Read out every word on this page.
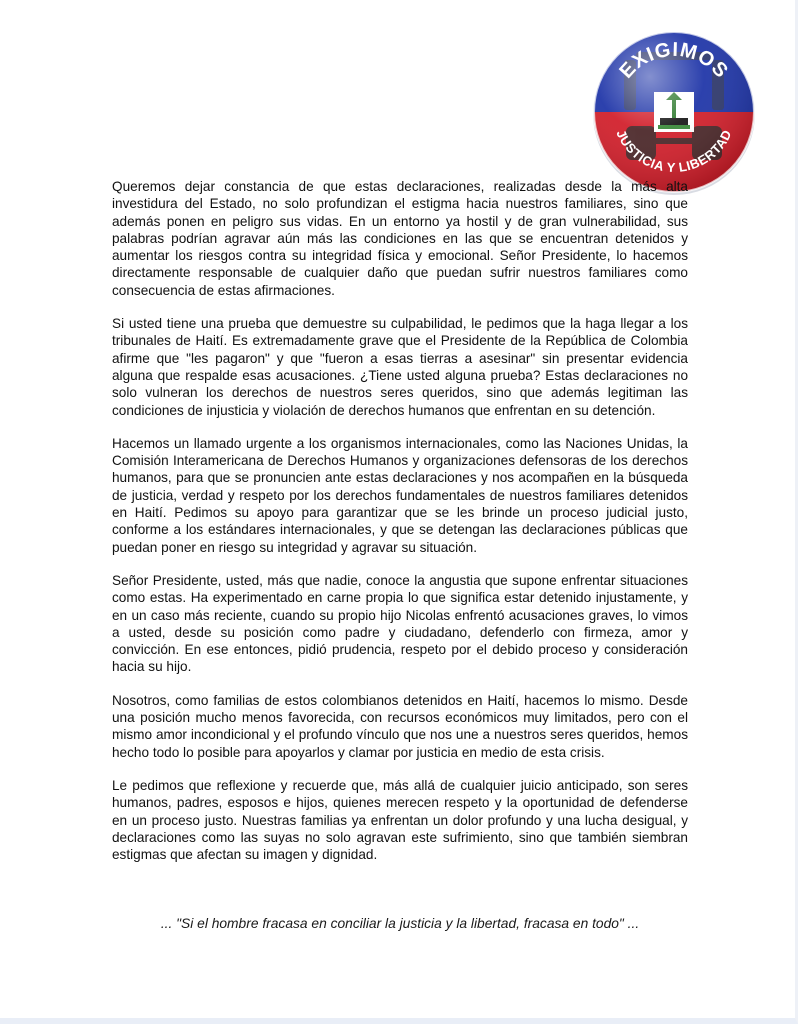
EXIGIMOS
JUSTICIA Y LIBERTAD

Queremos dejar constancia de que estas declaraciones, realizadas desde la más alta investidura del Estado, no solo profundizan el estigma hacia nuestros familiares, sino que además ponen en peligro sus vidas. En un entorno ya hostil y de gran vulnerabilidad, sus palabras podrían agravar aún más las condiciones en las que se encuentran detenidos y aumentar los riesgos contra su integridad física y emocional. Señor Presidente, lo hacemos directamente responsable de cualquier daño que puedan sufrir nuestros familiares como consecuencia de estas afirmaciones.

Si usted tiene una prueba que demuestre su culpabilidad, le pedimos que la haga llegar a los tribunales de Haití. Es extremadamente grave que el Presidente de la República de Colombia afirme que "les pagaron" y que "fueron a esas tierras a asesinar" sin presentar evidencia alguna que respalde esas acusaciones. ¿Tiene usted alguna prueba? Estas declaraciones no solo vulneran los derechos de nuestros seres queridos, sino que además legitiman las condiciones de injusticia y violación de derechos humanos que enfrentan en su detención.

Hacemos un llamado urgente a los organismos internacionales, como las Naciones Unidas, la Comisión Interamericana de Derechos Humanos y organizaciones defensoras de los derechos humanos, para que se pronuncien ante estas declaraciones y nos acompañen en la búsqueda de justicia, verdad y respeto por los derechos fundamentales de nuestros familiares detenidos en Haití. Pedimos su apoyo para garantizar que se les brinde un proceso judicial justo, conforme a los estándares internacionales, y que se detengan las declaraciones públicas que puedan poner en riesgo su integridad y agravar su situación.

Señor Presidente, usted, más que nadie, conoce la angustia que supone enfrentar situaciones como estas. Ha experimentado en carne propia lo que significa estar detenido injustamente, y en un caso más reciente, cuando su propio hijo Nicolas enfrentó acusaciones graves, lo vimos a usted, desde su posición como padre y ciudadano, defenderlo con firmeza, amor y convicción. En ese entonces, pidió prudencia, respeto por el debido proceso y consideración hacia su hijo.

Nosotros, como familias de estos colombianos detenidos en Haití, hacemos lo mismo. Desde una posición mucho menos favorecida, con recursos económicos muy limitados, pero con el mismo amor incondicional y el profundo vínculo que nos une a nuestros seres queridos, hemos hecho todo lo posible para apoyarlos y clamar por justicia en medio de esta crisis.

Le pedimos que reflexione y recuerde que, más allá de cualquier juicio anticipado, son seres humanos, padres, esposos e hijos, quienes merecen respeto y la oportunidad de defenderse en un proceso justo. Nuestras familias ya enfrentan un dolor profundo y una lucha desigual, y declaraciones como las suyas no solo agravan este sufrimiento, sino que también siembran estigmas que afectan su imagen y dignidad.

... "Si el hombre fracasa en conciliar la justicia y la libertad, fracasa en todo" ...
